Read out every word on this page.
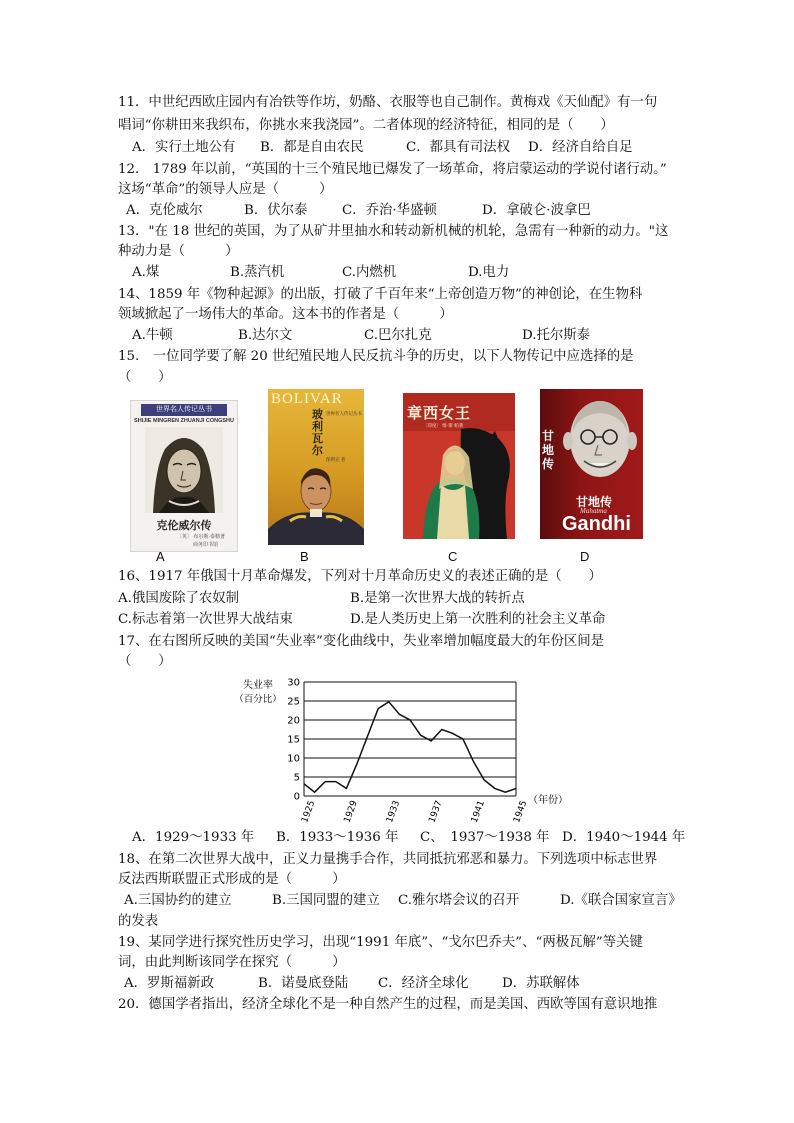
11．中世纪西欧庄园内有冶铁等作坊，奶酪、衣服等也自己制作。黄梅戏《天仙配》有一句
唱词“你耕田来我织布，你挑水来我浇园”。二者体现的经济特征，相同的是（　　）
A．实行土地公有 B．都是自由农民	C．都具有司法权 D．经济自给自足
12． 1789 年以前，“英国的十三个殖民地已爆发了一场革命，将启蒙运动的学说付诸行动。”
这场“革命”的领导人应是（　　　）
A．克伦威尔	B．伏尔泰	C．乔治·华盛顿	D．拿破仑·波拿巴
13．"在 18 世纪的英国，为了从矿井里抽水和转动新机械的机轮，急需有一种新的动力。"这
种动力是（　　　）
A.煤	B.蒸汽机	C.内燃机	D.电力
14、1859 年《物种起源》的出版，打破了千百年来“上帝创造万物”的神创论，在生物科
领域掀起了一场伟大的革命。这本书的作者是（　　　）
A.牛顿	B.达尔文	C.巴尔扎克	D.托尔斯泰
15.　一位同学要了解 20 世纪殖民地人民反抗斗争的历史，以下人物传记中应选择的是
（　　）
世界名人传记丛书
SHIJIE MINGREN ZHUANJI CONGSHU
克伦威尔传
〔英〕 布尔斯·泰勒著
商务印书馆
BOLIVAR
玻利瓦尔
世界名人传记丛书
保利克 著
章西女王
〔印度〕 维·斯·帕著
甘地传
甘地传
Mahatma
Gandhi
A	B	C	D
16、1917 年俄国十月革命爆发，下列对十月革命历史义的表述正确的是（　　）
A.俄国废除了农奴制	B.是第一次世界大战的转折点
C.标志着第一次世界大战结束	D.是人类历史上第一次胜利的社会主义革命
17、在右图所反映的美国“失业率”变化曲线中，失业率增加幅度最大的年份区间是
（　　）
失业率
（百分比）
0
5
10
15
20
25
30
1925	1929	1933	1937	1941	1945
（年份）
A．1929～1933 年 B．1933～1936 年 C、　1937～1938 年 D．1940～1944 年
18、在第二次世界大战中，正义力量携手合作，共同抵抗邪恶和暴力。下列选项中标志世界
反法西斯联盟正式形成的是（　　　）
A.三国协约的建立	B.三国同盟的建立 C.雅尔塔会议的召开	D.《联合国家宣言》
的发表
19、某同学进行探究性历史学习，出现“1991 年底”、“戈尔巴乔夫”、“两极瓦解”等关键
词，由此判断该同学在探究（　　　）
A．罗斯福新政	B．诺曼底登陆 C．经济全球化 D．苏联解体
20．德国学者指出，经济全球化不是一种自然产生的过程，而是美国、西欧等国有意识地推
